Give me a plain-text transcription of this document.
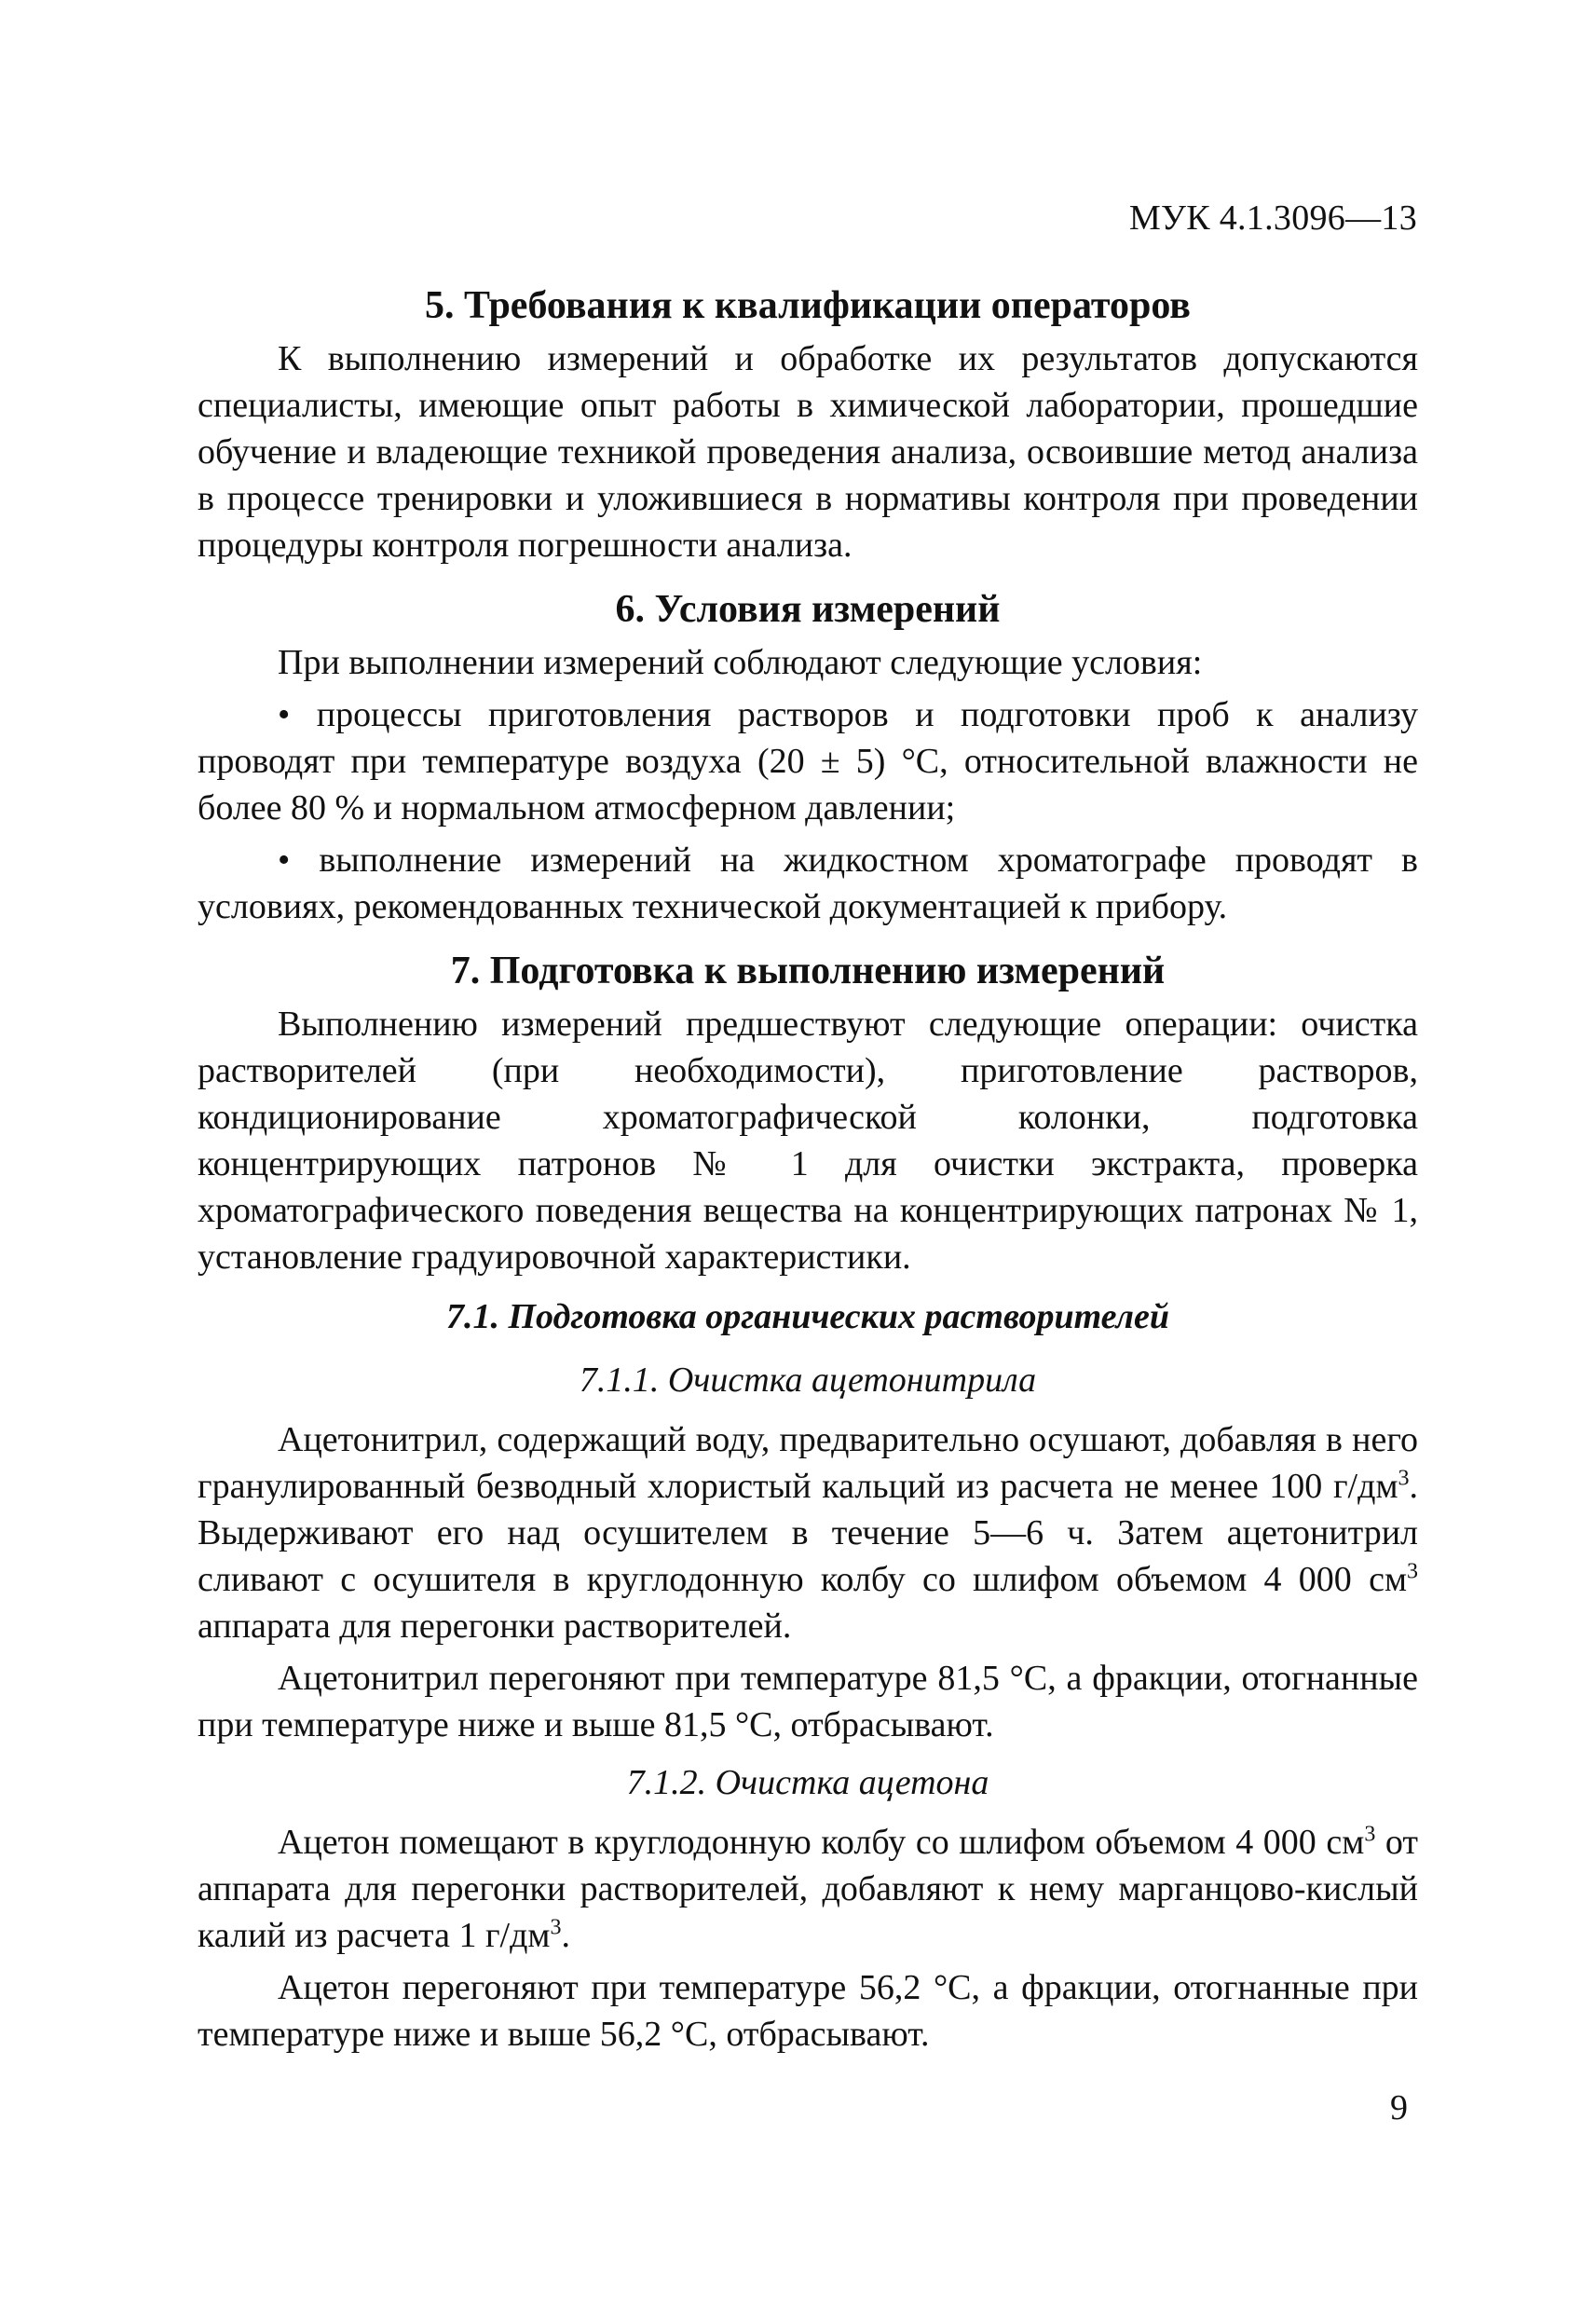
МУК 4.1.3096—13
5. Требования к квалификации операторов

К выполнению измерений и обработке их результатов допускаются специалисты, имеющие опыт работы в химической лаборатории, прошедшие обучение и владеющие техникой проведения анализа, освоившие метод анализа в процессе тренировки и уложившиеся в нормативы контроля при проведении процедуры контроля погрешности анализа.

6. Условия измерений

При выполнении измерений соблюдают следующие условия:

• процессы приготовления растворов и подготовки проб к анализу проводят при температуре воздуха (20 ± 5) °С, относительной влажности не более 80 % и нормальном атмосферном давлении;

• выполнение измерений на жидкостном хроматографе проводят в условиях, рекомендованных технической документацией к прибору.

7. Подготовка к выполнению измерений

Выполнению измерений предшествуют следующие операции: очистка растворителей (при необходимости), приготовление растворов, кондиционирование хроматографической колонки, подготовка концентрирующих патронов № 1 для очистки экстракта, проверка хроматографического поведения вещества на концентрирующих патронах № 1, установление градуировочной характеристики.

7.1. Подготовка органических растворителей
7.1.1. Очистка ацетонитрила

Ацетонитрил, содержащий воду, предварительно осушают, добавляя в него гранулированный безводный хлористый кальций из расчета не менее 100 $г/дм^3$. Выдерживают его над осушителем в течение 5—6 ч. Затем ацетонитрил сливают с осушителя в круглодонную колбу со шлифом объемом 4 000 $см^3$ аппарата для перегонки растворителей.

Ацетонитрил перегоняют при температуре 81,5 °С, а фракции, отогнанные при температуре ниже и выше 81,5 °С, отбрасывают.

7.1.2. Очистка ацетона

Ацетон помещают в круглодонную колбу со шлифом объемом 4 000 $см^3$ от аппарата для перегонки растворителей, добавляют к нему марганцово-кислый калий из расчета 1 $г/дм^3$.

Ацетон перегоняют при температуре 56,2 °С, а фракции, отогнанные при температуре ниже и выше 56,2 °С, отбрасывают.

9
